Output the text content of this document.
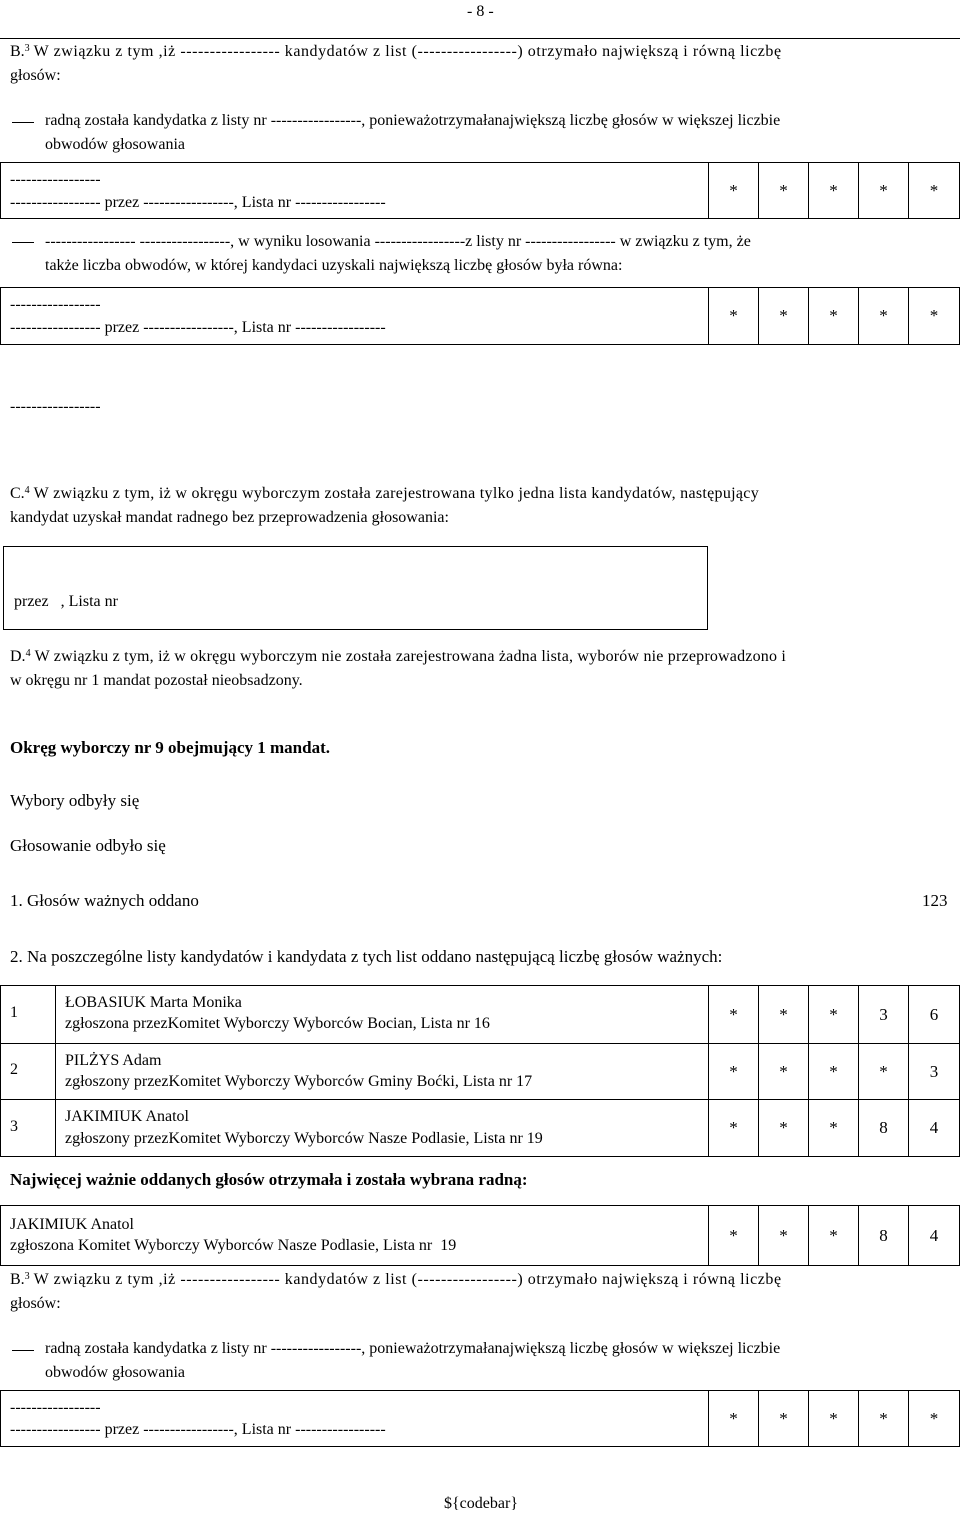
- 8 -
B.$^3$ W związku z tym ,iż ----------------- kandydatów z list (-----------------) otrzymało największą i równą liczbę
głosów:
radną została kandydatka z listy nr -----------------, ponieważotrzymałanajwiększą liczbę głosów w większej liczbie
obwodów głosowania
-----------------
----------------- przez -----------------, Lista nr -----------------
*	*	*	*	*
----------------- -----------------, w wyniku losowania -----------------z listy nr ----------------- w związku z tym, że
także liczba obwodów, w której kandydaci uzyskali największą liczbę głosów była równa:
-----------------
----------------- przez -----------------, Lista nr -----------------
*	*	*	*	*
-----------------
C.$^4$ W związku z tym, iż w okręgu wyborczym została zarejestrowana tylko jedna lista kandydatów, następujący
kandydat uzyskał mandat radnego bez przeprowadzenia głosowania:
przez   , Lista nr
D.$^4$ W związku z tym, iż w okręgu wyborczym nie została zarejestrowana żadna lista, wyborów nie przeprowadzono i
w okręgu nr 1 mandat pozostał nieobsadzony.
Okręg wyborczy nr 9 obejmujący 1 mandat.
Wybory odbyły się
Głosowanie odbyło się
1. Głosów ważnych oddano	123
2. Na poszczególne listy kandydatów i kandydata z tych list oddano następującą liczbę głosów ważnych:
1
ŁOBASIUK Marta Monika
zgłoszona przezKomitet Wyborczy Wyborców Bocian, Lista nr 16	*	*	*	3	6
2
PILŻYS Adam
zgłoszony przezKomitet Wyborczy Wyborców Gminy Boćki, Lista nr 17
*	*	*	*	3
3
JAKIMIUK Anatol
zgłoszony przezKomitet Wyborczy Wyborców Nasze Podlasie, Lista nr 19
*	*	*	8	4
Najwięcej ważnie oddanych głosów otrzymała i została wybrana radną:
JAKIMIUK Anatol
zgłoszona Komitet Wyborczy Wyborców Nasze Podlasie, Lista nr  19
*	*	*	8	4
B.$^3$ W związku z tym ,iż ----------------- kandydatów z list (-----------------) otrzymało największą i równą liczbę
głosów:
radną została kandydatka z listy nr -----------------, ponieważotrzymałanajwiększą liczbę głosów w większej liczbie
obwodów głosowania
-----------------
----------------- przez -----------------, Lista nr -----------------
*	*	*	*	*
${codebar}
